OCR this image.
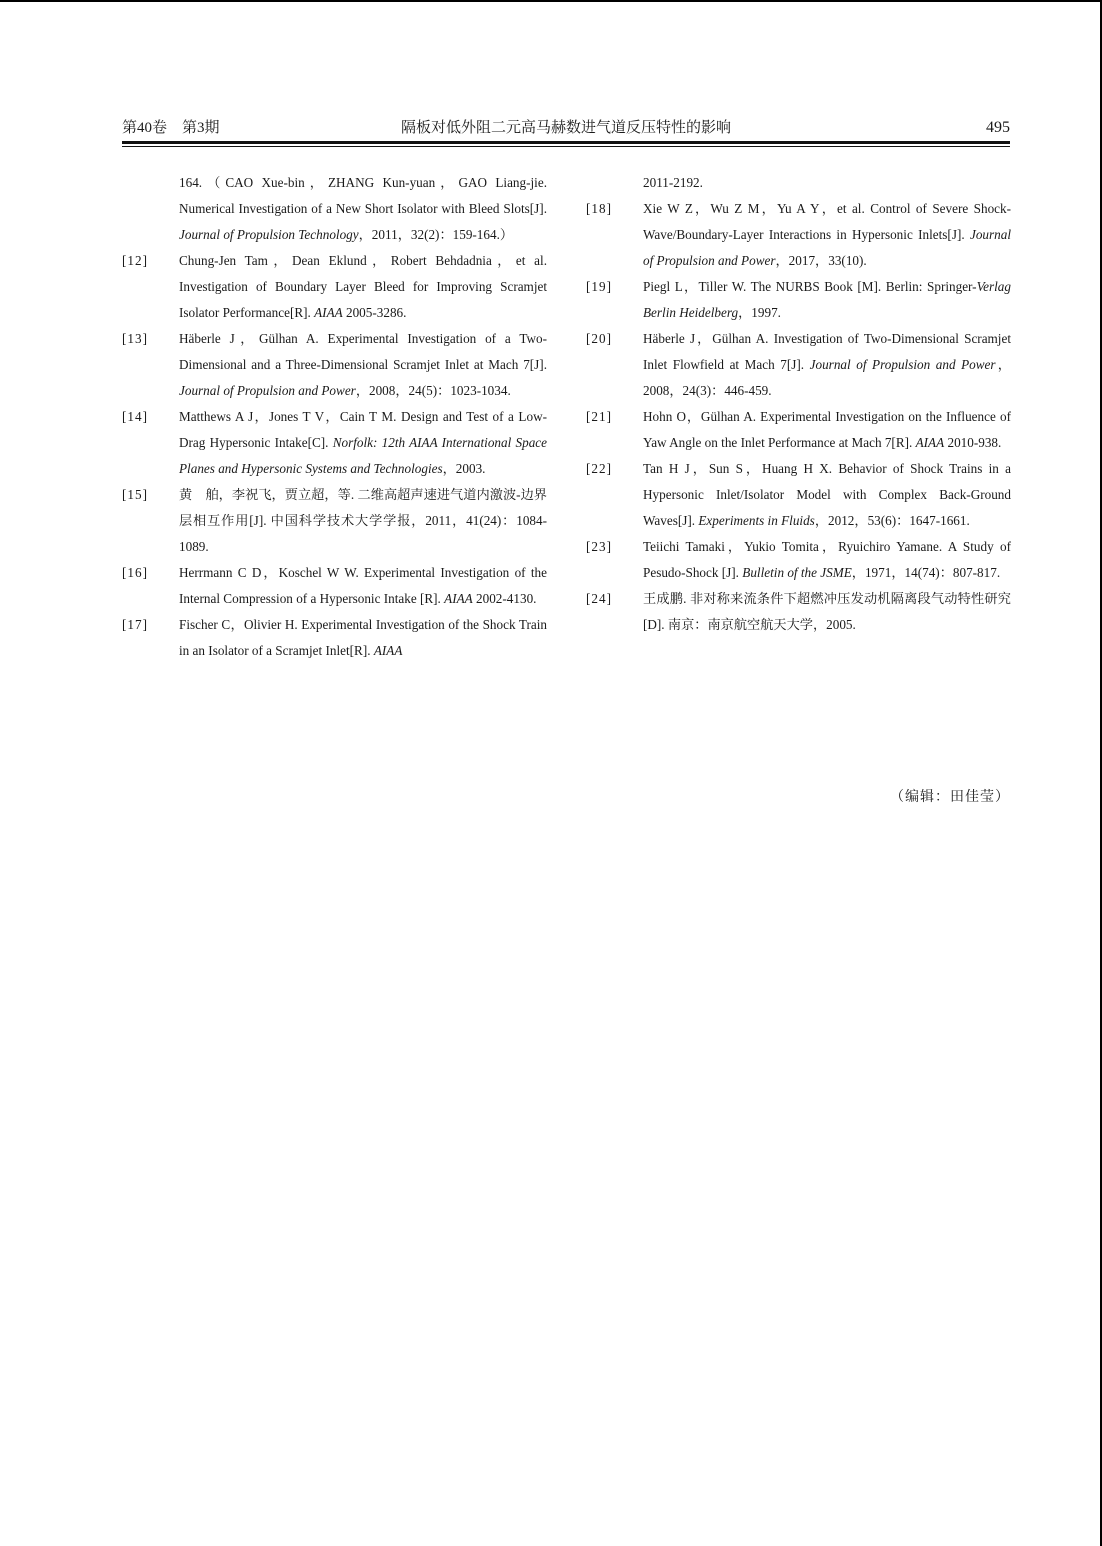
第40卷　第3期	隔板对低外阻二元高马赫数进气道反压特性的影响	495
164.（CAO Xue-bin，ZHANG Kun-yuan，GAO Liang-jie. Numerical Investigation of a New Short Isolator with Bleed Slots[J]. Journal of Propulsion Technology，2011，32(2)：159-164.）
[12]	Chung-Jen Tam，Dean Eklund，Robert Behdadnia，et al. Investigation of Boundary Layer Bleed for Improving Scramjet Isolator Performance[R]. AIAA 2005-3286.
[13]	Häberle J，Gülhan A. Experimental Investigation of a Two-Dimensional and a Three-Dimensional Scramjet Inlet at Mach 7[J]. Journal of Propulsion and Power，2008，24(5)：1023-1034.
[14]	Matthews A J，Jones T V，Cain T M. Design and Test of a Low-Drag Hypersonic Intake[C]. Norfolk: 12th AIAA International Space Planes and Hypersonic Systems and Technologies，2003.
[15]	黄　舶，李祝飞，贾立超，等. 二维高超声速进气道内激波-边界层相互作用[J]. 中国科学技术大学学报，2011，41(24)：1084-1089.
[16]	Herrmann C D，Koschel W W. Experimental Investigation of the Internal Compression of a Hypersonic Intake [R]. AIAA 2002-4130.
[17]	Fischer C，Olivier H. Experimental Investigation of the Shock Train in an Isolator of a Scramjet Inlet[R]. AIAA
2011-2192.
[18]	Xie W Z，Wu Z M，Yu A Y，et al. Control of Severe Shock-Wave/Boundary-Layer Interactions in Hypersonic Inlets[J]. Journal of Propulsion and Power，2017，33(10).
[19]	Piegl L，Tiller W. The NURBS Book [M]. Berlin: Springer-Verlag Berlin Heidelberg，1997.
[20]	Häberle J，Gülhan A. Investigation of Two-Dimensional Scramjet Inlet Flowfield at Mach 7[J]. Journal of Propulsion and Power，2008，24(3)：446-459.
[21]	Hohn O，Gülhan A. Experimental Investigation on the Influence of Yaw Angle on the Inlet Performance at Mach 7[R]. AIAA 2010-938.
[22]	Tan H J，Sun S，Huang H X. Behavior of Shock Trains in a Hypersonic Inlet/Isolator Model with Complex Back-Ground Waves[J]. Experiments in Fluids，2012，53(6)：1647-1661.
[23]	Teiichi Tamaki，Yukio Tomita，Ryuichiro Yamane. A Study of Pesudo-Shock [J]. Bulletin of the JSME，1971，14(74)：807-817.
[24]	王成鹏. 非对称来流条件下超燃冲压发动机隔离段气动特性研究[D]. 南京：南京航空航天大学，2005.
（编辑：田佳莹）
